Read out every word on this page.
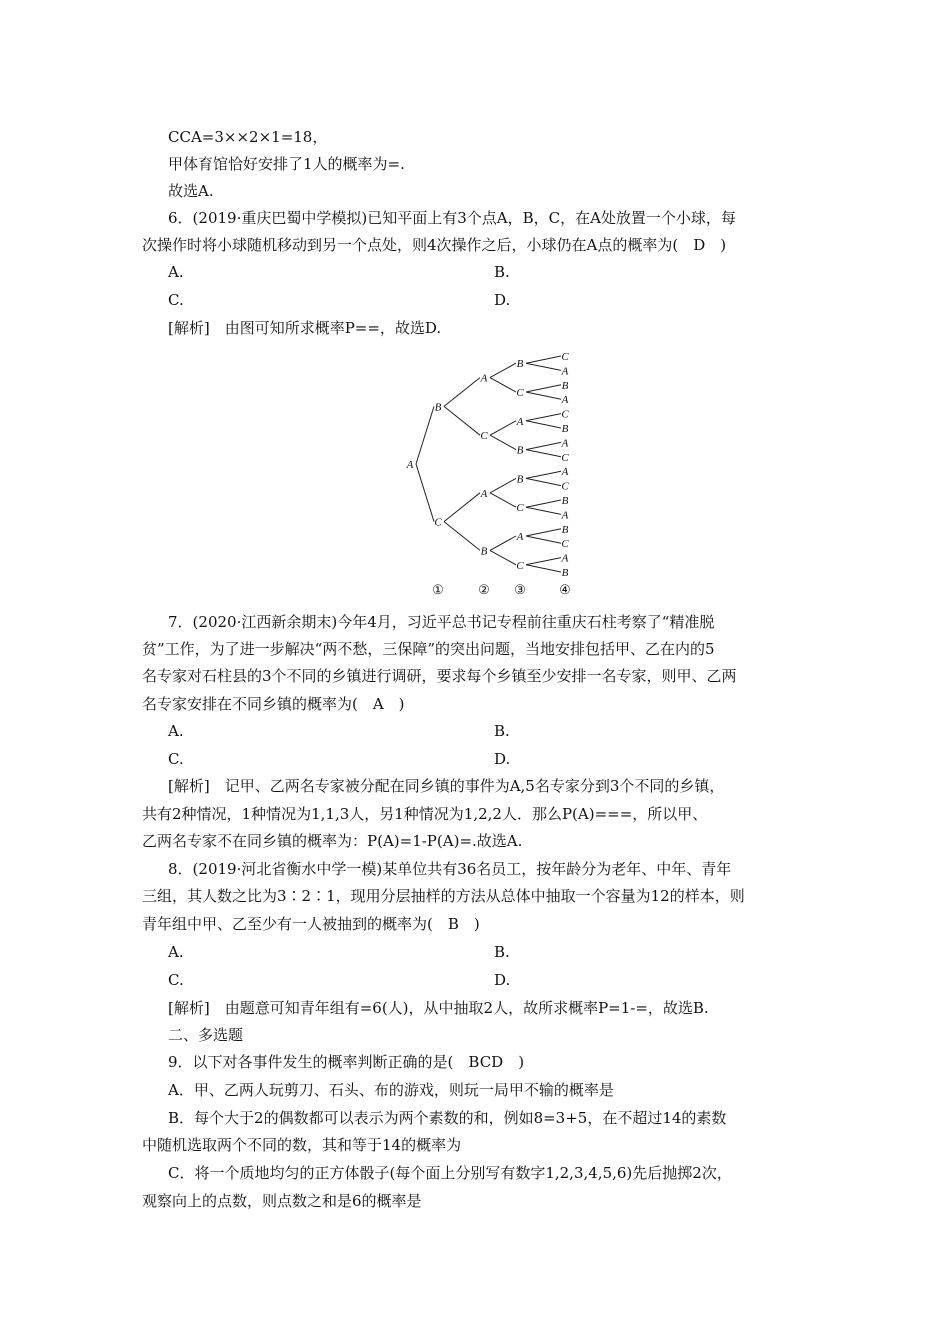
CCA=3××2×1=18，
甲体育馆恰好安排了1人的概率为=.
故选A.
6．(2019·重庆巴蜀中学模拟)已知平面上有3个点A，B，C，在A处放置一个小球，每
次操作时将小球随机移动到另一个点处，则4次操作之后，小球仍在A点的概率为(　D　)
A.	B.
C.	D.
[解析]　由图可知所求概率P==，故选D.
A
B
C
A
C
A
B
B
C
A
B
B
C
A
C
C
A
B
A
C
B
A
C
A
C
B
A
B
C
A
B
①	② ③	④
7．(2020·江西新余期末)今年4月，习近平总书记专程前往重庆石柱考察了“精准脱
贫”工作，为了进一步解决“两不愁，三保障”的突出问题，当地安排包括甲、乙在内的5
名专家对石柱县的3个不同的乡镇进行调研，要求每个乡镇至少安排一名专家，则甲、乙两
名专家安排在不同乡镇的概率为(　A　)
A.	B.
C.	D.
[解析]　记甲、乙两名专家被分配在同乡镇的事件为A,5名专家分到3个不同的乡镇，
共有2种情况，1种情况为1,1,3人，另1种情况为1,2,2人．那么P(A)===，所以甲、
乙两名专家不在同乡镇的概率为：P(A)=1-P(A)=.故选A.
8．(2019·河北省衡水中学一模)某单位共有36名员工，按年龄分为老年、中年、青年
三组，其人数之比为3∶2∶1，现用分层抽样的方法从总体中抽取一个容量为12的样本，则
青年组中甲、乙至少有一人被抽到的概率为(　B　)
A.	B.
C.	D.
[解析]　由题意可知青年组有=6(人)，从中抽取2人，故所求概率P=1-=，故选B.
二、多选题
9．以下对各事件发生的概率判断正确的是(　BCD　)
A．甲、乙两人玩剪刀、石头、布的游戏，则玩一局甲不输的概率是
B．每个大于2的偶数都可以表示为两个素数的和，例如8=3+5，在不超过14的素数
中随机选取两个不同的数，其和等于14的概率为
C．将一个质地均匀的正方体骰子(每个面上分别写有数字1,2,3,4,5,6)先后抛掷2次，
观察向上的点数，则点数之和是6的概率是
